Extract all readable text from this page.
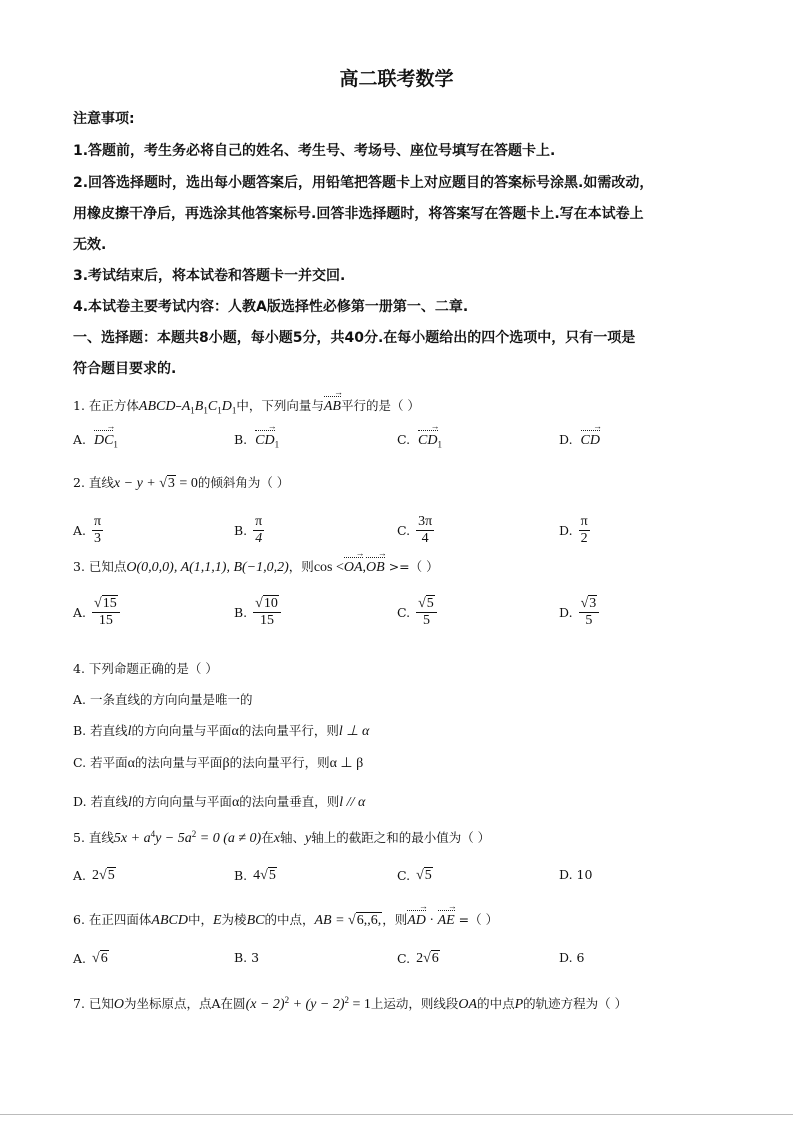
高二联考数学
注意事项:
1.答题前，考生务必将自己的姓名、考生号、考场号、座位号填写在答题卡上.
2.回答选择题时，选出每小题答案后，用铅笔把答题卡上对应题目的答案标号涂黑.如需改动，
用橡皮擦干净后，再选涂其他答案标号.回答非选择题时，将答案写在答题卡上.写在本试卷上
无效.
3.考试结束后，将本试卷和答题卡一并交回.
4.本试卷主要考试内容：人教A版选择性必修第一册第一、二章.
一、选择题：本题共8小题，每小题5分，共40分.在每小题给出的四个选项中，只有一项是
符合题目要求的.
1. 在正方体ABCD–$A_1B_1C_1D_1$中，下列向量与AB →平行的是（ ）
A. DC $\to_1$	B. CD $\to_1$	C. CD $\to_1$	D. CD →
2. 直线x − y + √3 = 0的倾斜角为（ ）
A. $\frac{\pi}{3}$	B. $\frac{\pi}{4}$	C. $\frac{3\pi}{4}$	D. $\frac{\pi}{2}$
3. 已知点O(0,0,0), A(1,1,1), B(−1,0,2)，则cos <OA →,OB → >=（ ）
A. $\frac{√15}{15}$	B. $\frac{√10}{15}$	C. $\frac{√5}{5}$	D. $\frac{√3}{5}$
4. 下列命题正确的是（ ）
A. 一条直线的方向向量是唯一的
B. 若直线l的方向向量与平面α的法向量平行，则l ⊥ α
C. 若平面α的法向量与平面β的法向量平行，则α ⊥ β
D. 若直线l的方向向量与平面α的法向量垂直，则l // α
5. 直线$5x + a^4y - 5a^2 = 0$ (a ≠ 0)在x轴、y轴上的截距之和的最小值为（ ）
A. 2√5	B. 4√5	C. √5	D. 10
6. 在正四面体ABCD中，E为棱BC的中点，AB = √6,,6,，则AD → · AE → =（ ）
A. √6	B. 3	C. 2√6	D. 6
7. 已知O为坐标原点，点A在圆$(x - 2)^2 + (y - 2)^2 = 1$上运动，则线段OA的中点P的轨迹方程为（ ）
